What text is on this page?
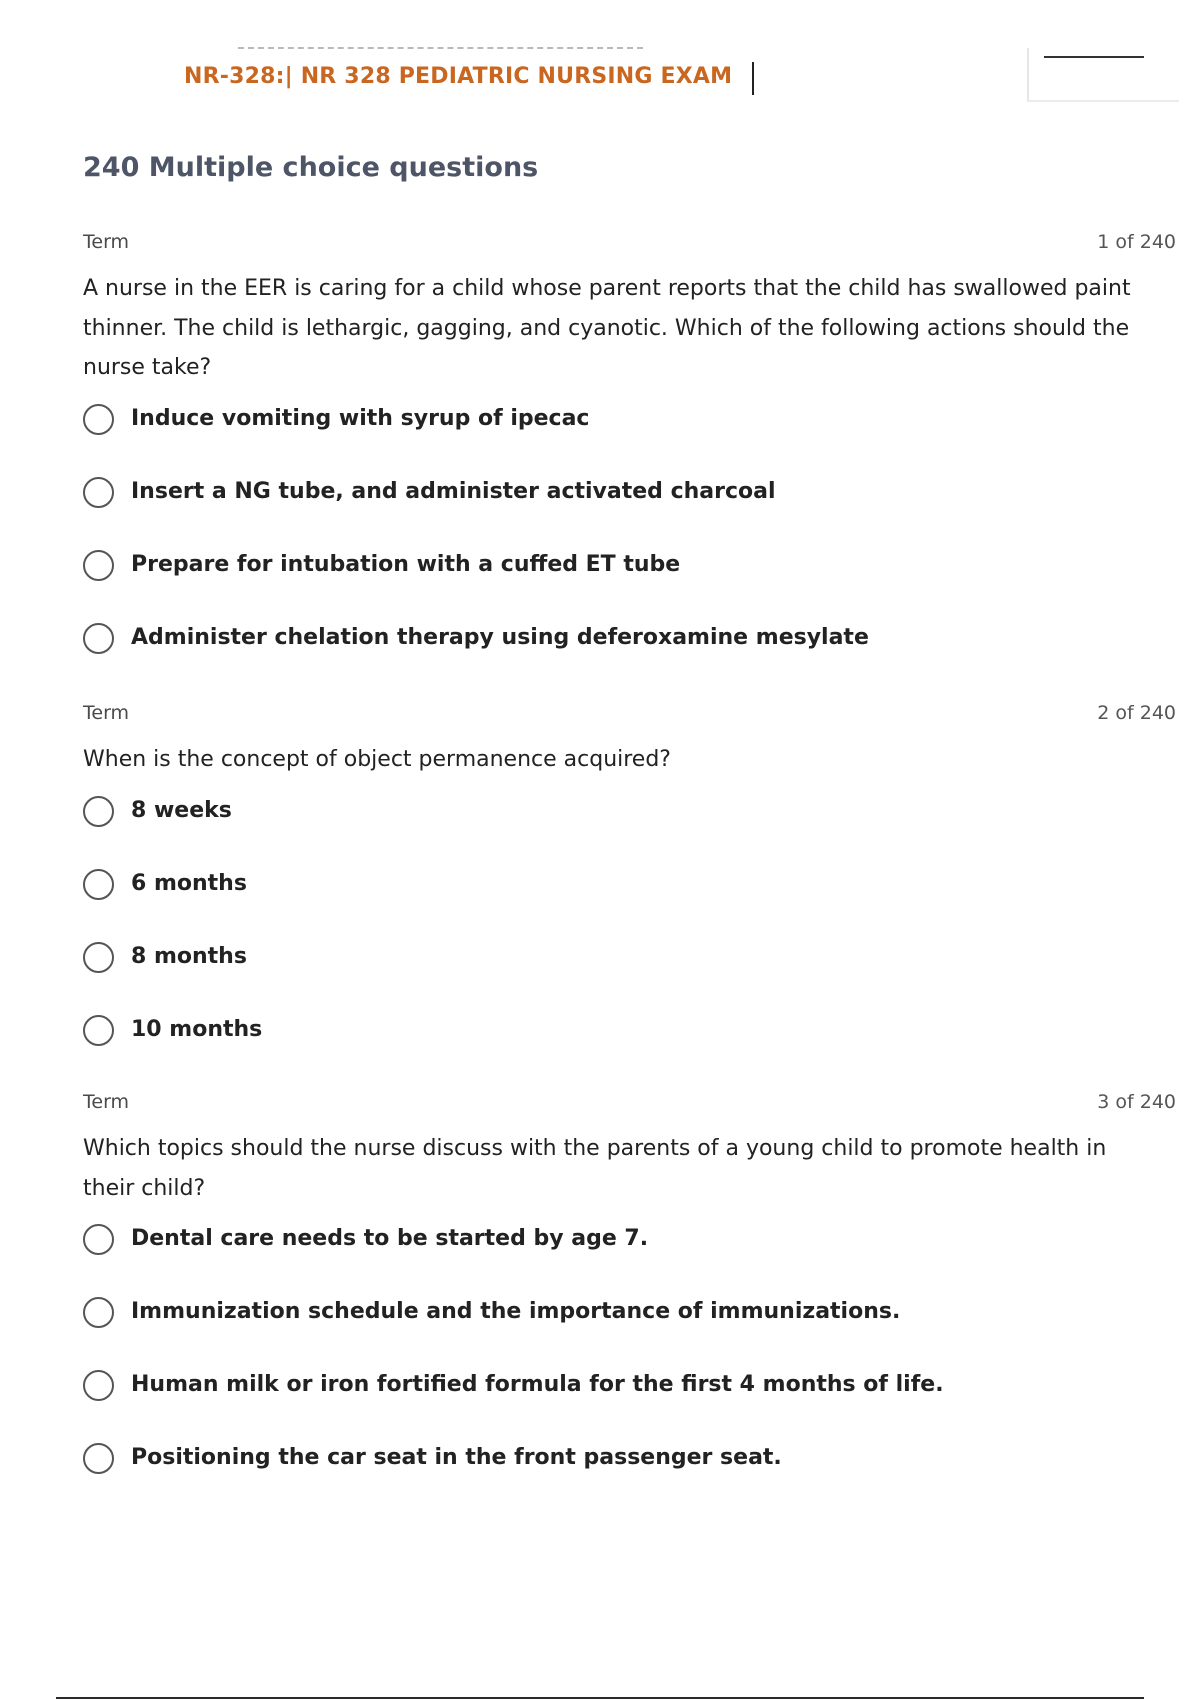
NR-328:| NR 328 PEDIATRIC NURSING EXAM
240 Multiple choice questions
Term	1 of 240
A nurse in the EER is caring for a child whose parent reports that the child has swallowed paint thinner. The child is lethargic, gagging, and cyanotic. Which of the following actions should the nurse take?
Induce vomiting with syrup of ipecac
Insert a NG tube, and administer activated charcoal
Prepare for intubation with a cuffed ET tube
Administer chelation therapy using deferoxamine mesylate
Term	2 of 240
When is the concept of object permanence acquired?
8 weeks
6 months
8 months
10 months
Term	3 of 240
Which topics should the nurse discuss with the parents of a young child to promote health in their child?
Dental care needs to be started by age 7.
Immunization schedule and the importance of immunizations.
Human milk or iron fortified formula for the first 4 months of life.
Positioning the car seat in the front passenger seat.
